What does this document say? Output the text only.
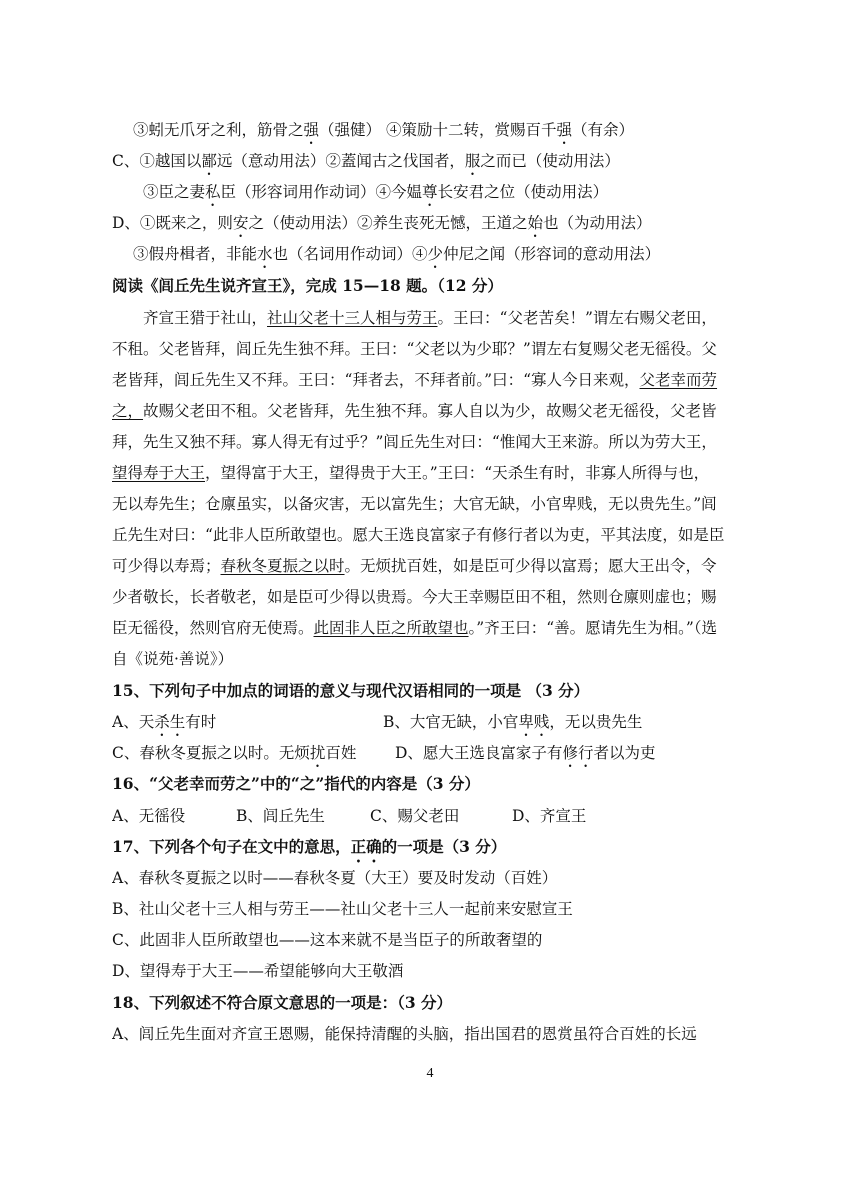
③蚓无爪牙之利，筋骨之强（强健） ④策励十二转，赏赐百千强（有余）
C、①越国以鄙远（意动用法）②蓋闻古之伐国者，服之而已（使动用法）
③臣之妻私臣（形容词用作动词）④今媪尊长安君之位（使动用法）
D、①既来之，则安之（使动用法）②养生丧死无憾，王道之始也（为动用法）
③假舟楫者，非能水也（名词用作动词）④少仲尼之闻（形容词的意动用法）
阅读《闾丘先生说齐宣王》，完成 15—18 题。（12 分）
齐宣王猎于社山，社山父老十三人相与劳王。王曰：“父老苦矣！”谓左右赐父老田，
不租。父老皆拜，闾丘先生独不拜。王曰：“父老以为少耶？”谓左右复赐父老无徭役。父
老皆拜，闾丘先生又不拜。王曰：“拜者去，不拜者前。”曰：“寡人今日来观，父老幸而劳
之，故赐父老田不租。父老皆拜，先生独不拜。寡人自以为少，故赐父老无徭役，父老皆
拜，先生又独不拜。寡人得无有过乎？”闾丘先生对曰：“惟闻大王来游。所以为劳大王，
望得寿于大王，望得富于大王，望得贵于大王。”王曰：“天杀生有时，非寡人所得与也，
无以寿先生；仓廪虽实，以备灾害，无以富先生；大官无缺，小官卑贱，无以贵先生。”闾
丘先生对曰：“此非人臣所敢望也。愿大王选良富家子有修行者以为吏，平其法度，如是臣
可少得以寿焉；春秋冬夏振之以时。无烦扰百姓，如是臣可少得以富焉；愿大王出令，令
少者敬长，长者敬老，如是臣可少得以贵焉。今大王幸赐臣田不租，然则仓廪则虚也；赐
臣无徭役，然则官府无使焉。此固非人臣之所敢望也。”齐王曰：“善。愿请先生为相。”（选
自《说苑·善说》）
15、下列句子中加点的词语的意义与现代汉语相同的一项是 （3 分）
A、天杀生有时	B、大官无缺，小官卑贱，无以贵先生
C、春秋冬夏振之以时。无烦扰百姓	D、愿大王选良富家子有修行者以为吏
16、“父老幸而劳之”中的“之”指代的内容是（3 分）
A、无徭役	B、闾丘先生	C、赐父老田	D、齐宣王
17、下列各个句子在文中的意思，正确的一项是（3 分）
A、春秋冬夏振之以时——春秋冬夏（大王）要及时发动（百姓）
B、社山父老十三人相与劳王——社山父老十三人一起前来安慰宣王
C、此固非人臣所敢望也——这本来就不是当臣子的所敢奢望的
D、望得寿于大王——希望能够向大王敬酒
18、下列叙述不符合原文意思的一项是：（3 分）
A、闾丘先生面对齐宣王恩赐，能保持清醒的头脑，指出国君的恩赏虽符合百姓的长远
4
